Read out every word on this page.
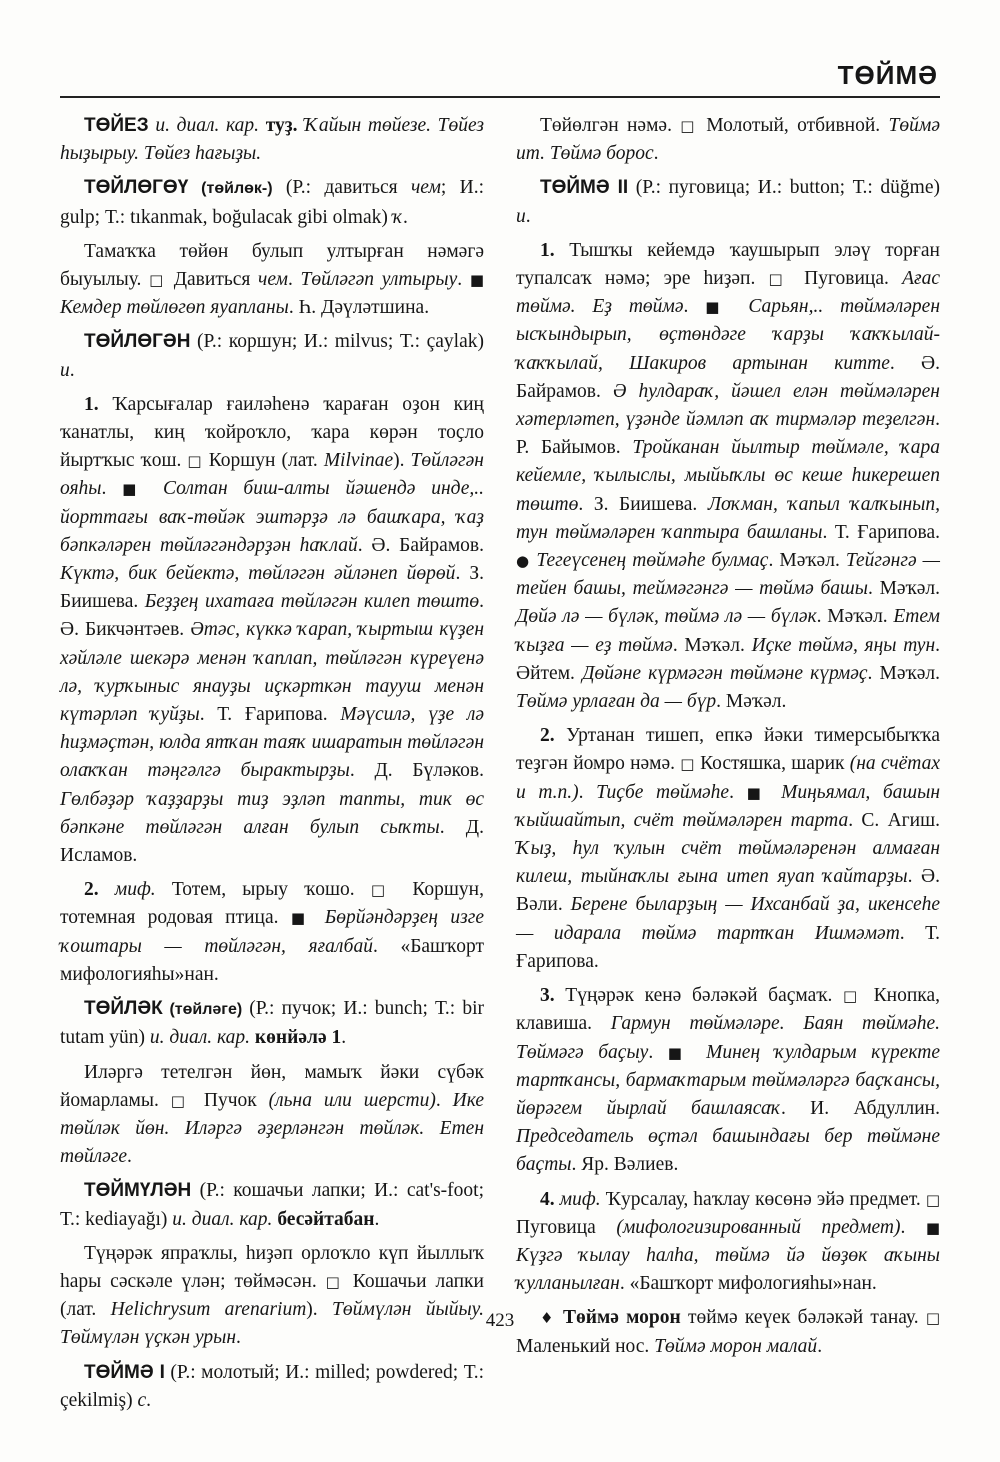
ТӨЙМӘ

ТӨЙЕЗ и. диал. кар. туҙ. Ҡайын төйезе. Төйез һыҙырыу. Төйез һағыҙы.

ТӨЙЛӨГӨҮ (төйлөк-) (Р.: давиться чем; И.: gulp; Т.: tıkanmak, boğulacak gibi olmak) ҡ.

Тамаҡҡа төйөн булып ултырған нәмәгә быуылыу. □ Давиться чем. Төйләгәп ултырыу. ■ Кемдер төйлөгөп яуапланы. Һ. Дәүләтшина.

ТӨЙЛӨГӘН (Р.: коршун; И.: milvus; Т.: çaylak) и.

1. Ҡарсығалар ғаиләһенә ҡараған оҙон киң ҡанатлы, киң ҡойроҡло, ҡара көрән тоҫло йыртҡыс ҡош. □ Коршун (лат. Milvinae). Төйләгән ояhы. ■ Солтан биш-алты йәшендә инде,.. йорттағы ваҡ-төйәк эштәрҙә лә башҡара, ҡаҙ бәпкәләрен төйләгәндәрҙән һаҡлай. Ә. Байрамов. Күктә, бик бейектә, төйләгән әйләнеп йөрөй. З. Биишева. Беҙҙең ихатаға төйләгән килеп төштө. Ә. Бикчәнтәев. Әтәс, күккә ҡарап, ҡыртыш күҙен хәйләле шекәрә менән ҡаплап, төйләгән күреүенә лә, ҡурҡыныс янауҙы иҫкәрткән таууш менән күтәрләп ҡуйҙы. Т. Ғарипова. Мәүсилә, үҙе лә һиҙмәҫтән, юлда ятҡан таяҡ ишаратын төйләгән олаҡҡан тәңгәлгә бырактырҙы. Д. Бүләков. Гөлбәҙәр ҡаҙҙарҙы тиҙ эҙләп тапты, тик өс бәпкәне төйләгән алған булып сыҡты. Д. Исламов.

2. миф. Тотем, ырыу ҡошо. □ Коршун, тотемная родовая птица. ■ Бөрйәндәрҙең изге ҡоштары — төйләгән, яғалбай. «Башҡорт мифологияһы»нан.

ТӨЙЛӘК (төйләге) (Р.: пучок; И.: bunch; Т.: bir tutam yün) и. диал. кар. көнйәлә 1.

Иләргә тетелгән йөн, мамыҡ йәки сүбәк йомарламы. □ Пучок (льна или шерсти). Ике төйләк йөн. Иләргә әҙерләнгән төйләк. Етен төйләге.

ТӨЙМҮЛӘН (Р.: кошачьи лапки; И.: cat's-foot; Т.: kediayağı) и. диал. кар. бесәйтабан.

Түңәрәк япраҡлы, һиҙәп орлоҡло күп йыллыҡ һары сәскәле үлән; төймәсән. □ Кошачьи лапки (лат. Helichrysum arenarium). Төймүлән йыйыу. Төймүлән үҫкән урын.

ТӨЙМӘ I (Р.: молотый; И.: milled; powdered; Т.: çekilmiş) с.

Төйөлгән нәмә. □ Молотый, отбивной. Төймә ит. Төймә борос.

ТӨЙМӘ II (Р.: пуговица; И.: button; Т.: düğme) и.

1. Тышҡы кейемдә ҡаушырып эләү торған тупалсаҡ нәмә; эре һиҙәп. □ Пуговица. Ағас төймә. Еҙ төймә. ■ Сарьян,.. төймәләрен ысҡындырып, өҫтөндәге ҡарҙы ҡаҡҡылай-ҡаҡҡылай, Шакиров артынан китте. Ә. Байрамов. Ә һулдараҡ, йәшел елән төймәләрен хәтерләтеп, үҙәнде йәмләп аҡ тирмәләр теҙелгән. Р. Байымов. Тройканан йылтыр төймәле, ҡара кейемле, ҡылыслы, мыйыҡлы өс кеше һикерешеп төштө. З. Биишева. Лоҡман, ҡапыл ҡалҡынып, тун төймәләрен ҡаптыра башланы. Т. Ғарипова. ● Тегеүсенең төймәһе булмаҫ. Мәҡәл. Тейгәнгә — тейен башы, теймәгәнгә — төймә башы. Мәҡәл. Дөйә лә — бүләк, төймә лә — бүләк. Мәҡәл. Етем ҡыҙға — еҙ төймә. Мәҡәл. Иҫке төймә, яңы тун. Әйтем. Дөйәне күрмәгән төймәне күрмәҫ. Мәҡәл. Төймә урлаған да — бүр. Мәҡәл.

2. Уртанан тишеп, епкә йәки тимерсыбыҡҡа теҙгән йомро нәмә. □ Костяшка, шарик (на счётах и т.п.). Тиҫбе төймәһе. ■ Миңьямал, башын ҡыйшайтып, счёт төймәләрен тарта. С. Агиш. Ҡыҙ, һул ҡулын счёт төймәләренән алмаған килеш, тыйнаҡлы ғына итеп яуап ҡайтарҙы. Ә. Вәли. Берене быларҙың — Ихсанбай ҙа, икенсеһе — идарала төймә тартҡан Ишмәмәт. Т. Ғарипова.

3. Түңәрәк кенә бәләкәй баҫмаҡ. □ Кнопка, клавиша. Гармун төймәләре. Баян төймәһе. Төймәгә баҫыу. ■ Минең ҡулдарым күректе тартҡансы, бармаҡтарым төймәләргә баҫҡансы, йөрәгем йырлай башлаясаҡ. И. Абдуллин. Председатель өҫтәл башындағы бер төймәне баҫты. Яр. Вәлиев.

4. миф. Ҡурсалау, һаҡлау көсөнә эйә предмет. □ Пуговица (мифологизированный предмет). ■ Күҙгә ҡылау һалһа, төймә йә йөҙөк аҡыны ҡулланылған. «Башҡорт мифологияһы»нан.

♦ Төймә морон төймә кеүек бәләкәй танау. □ Маленький нос. Төймә морон малай.

423
